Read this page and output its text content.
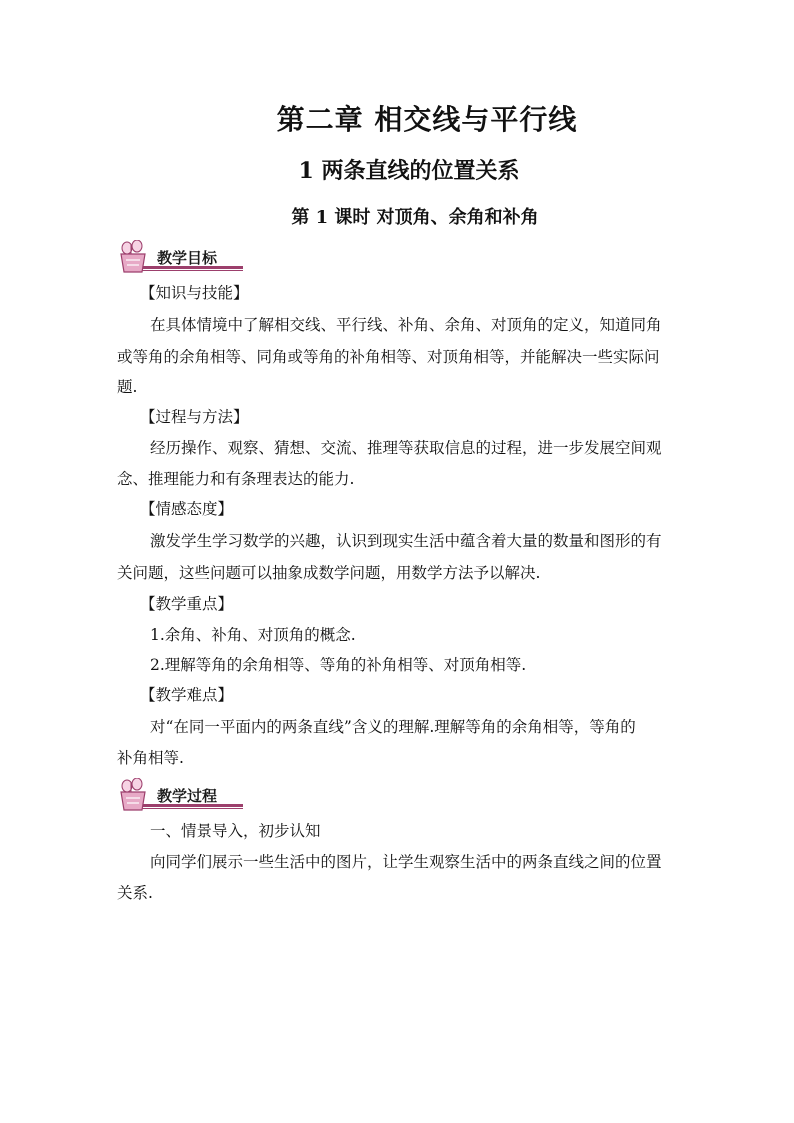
第二章 相交线与平行线
1 两条直线的位置关系
第 1 课时 对顶角、余角和补角
教学目标
【知识与技能】
在具体情境中了解相交线、平行线、补角、余角、对顶角的定义，知道同角
或等角的余角相等、同角或等角的补角相等、对顶角相等，并能解决一些实际问
题.
【过程与方法】
经历操作、观察、猜想、交流、推理等获取信息的过程，进一步发展空间观
念、推理能力和有条理表达的能力.
【情感态度】
激发学生学习数学的兴趣，认识到现实生活中蕴含着大量的数量和图形的有
关问题，这些问题可以抽象成数学问题，用数学方法予以解决.
【教学重点】
1.余角、补角、对顶角的概念.
2.理解等角的余角相等、等角的补角相等、对顶角相等.
【教学难点】
对“在同一平面内的两条直线”含义的理解.理解等角的余角相等，等角的
补角相等.
教学过程
一、情景导入，初步认知
向同学们展示一些生活中的图片，让学生观察生活中的两条直线之间的位置
关系.
